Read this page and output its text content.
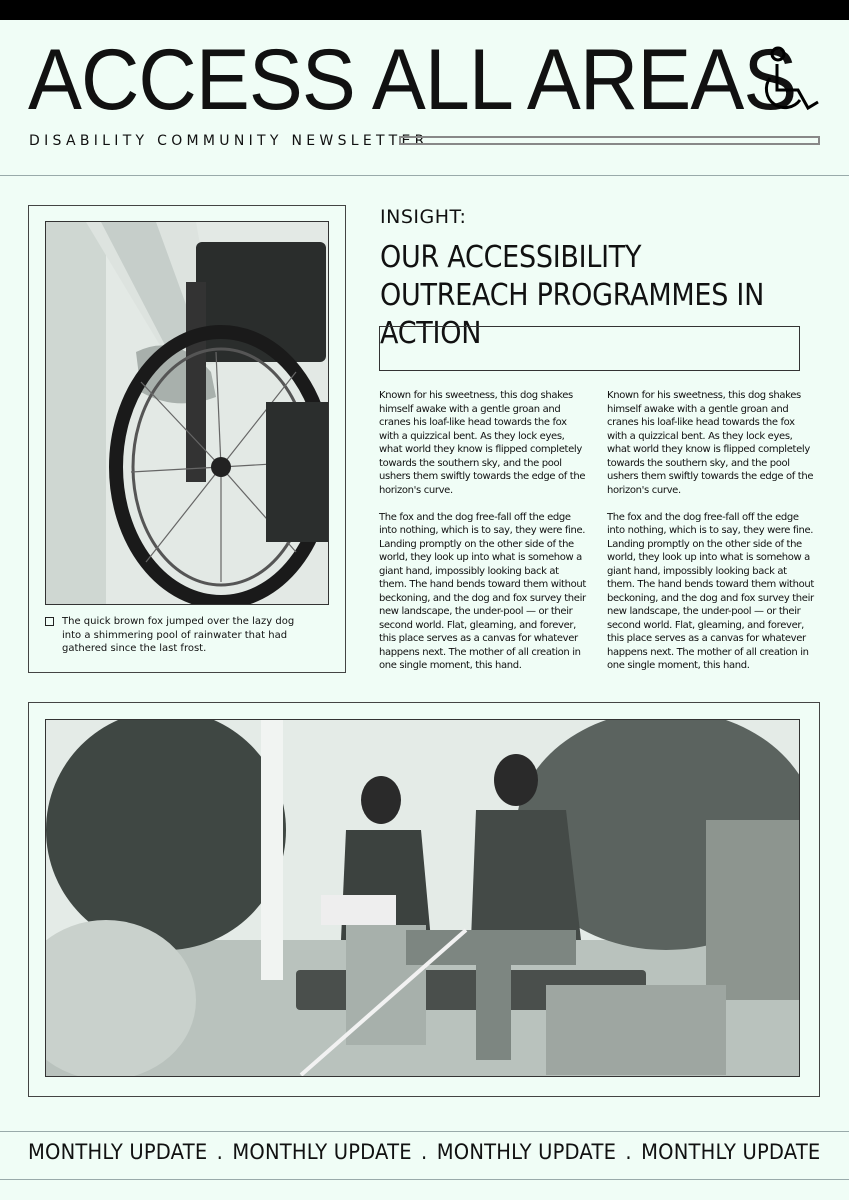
ACCESS ALL AREAS
DISABILITY COMMUNITY NEWSLETTER
The quick brown fox jumped over the lazy dog into a shimmering pool of rainwater that had gathered since the last frost.
INSIGHT:
OUR ACCESSIBILITY OUTREACH PROGRAMMES IN ACTION

Known for his sweetness, this dog shakes himself awake with a gentle groan and cranes his loaf-like head towards the fox with a quizzical bent. As they lock eyes, what world they know is flipped completely towards the southern sky, and the pool ushers them swiftly towards the edge of the horizon's curve.

The fox and the dog free-fall off the edge into nothing, which is to say, they were fine. Landing promptly on the other side of the world, they look up into what is somehow a giant hand, impossibly looking back at them. The hand bends toward them without beckoning, and the dog and fox survey their new landscape, the under-pool — or their second world. Flat, gleaming, and forever, this place serves as a canvas for whatever happens next. The mother of all creation in one single moment, this hand.

Known for his sweetness, this dog shakes himself awake with a gentle groan and cranes his loaf-like head towards the fox with a quizzical bent. As they lock eyes, what world they know is flipped completely towards the southern sky, and the pool ushers them swiftly towards the edge of the horizon's curve.

The fox and the dog free-fall off the edge into nothing, which is to say, they were fine. Landing promptly on the other side of the world, they look up into what is somehow a giant hand, impossibly looking back at them. The hand bends toward them without beckoning, and the dog and fox survey their new landscape, the under-pool — or their second world. Flat, gleaming, and forever, this place serves as a canvas for whatever happens next. The mother of all creation in one single moment, this hand.

MONTHLY UPDATE . MONTHLY UPDATE . MONTHLY UPDATE . MONTHLY UPDATE
